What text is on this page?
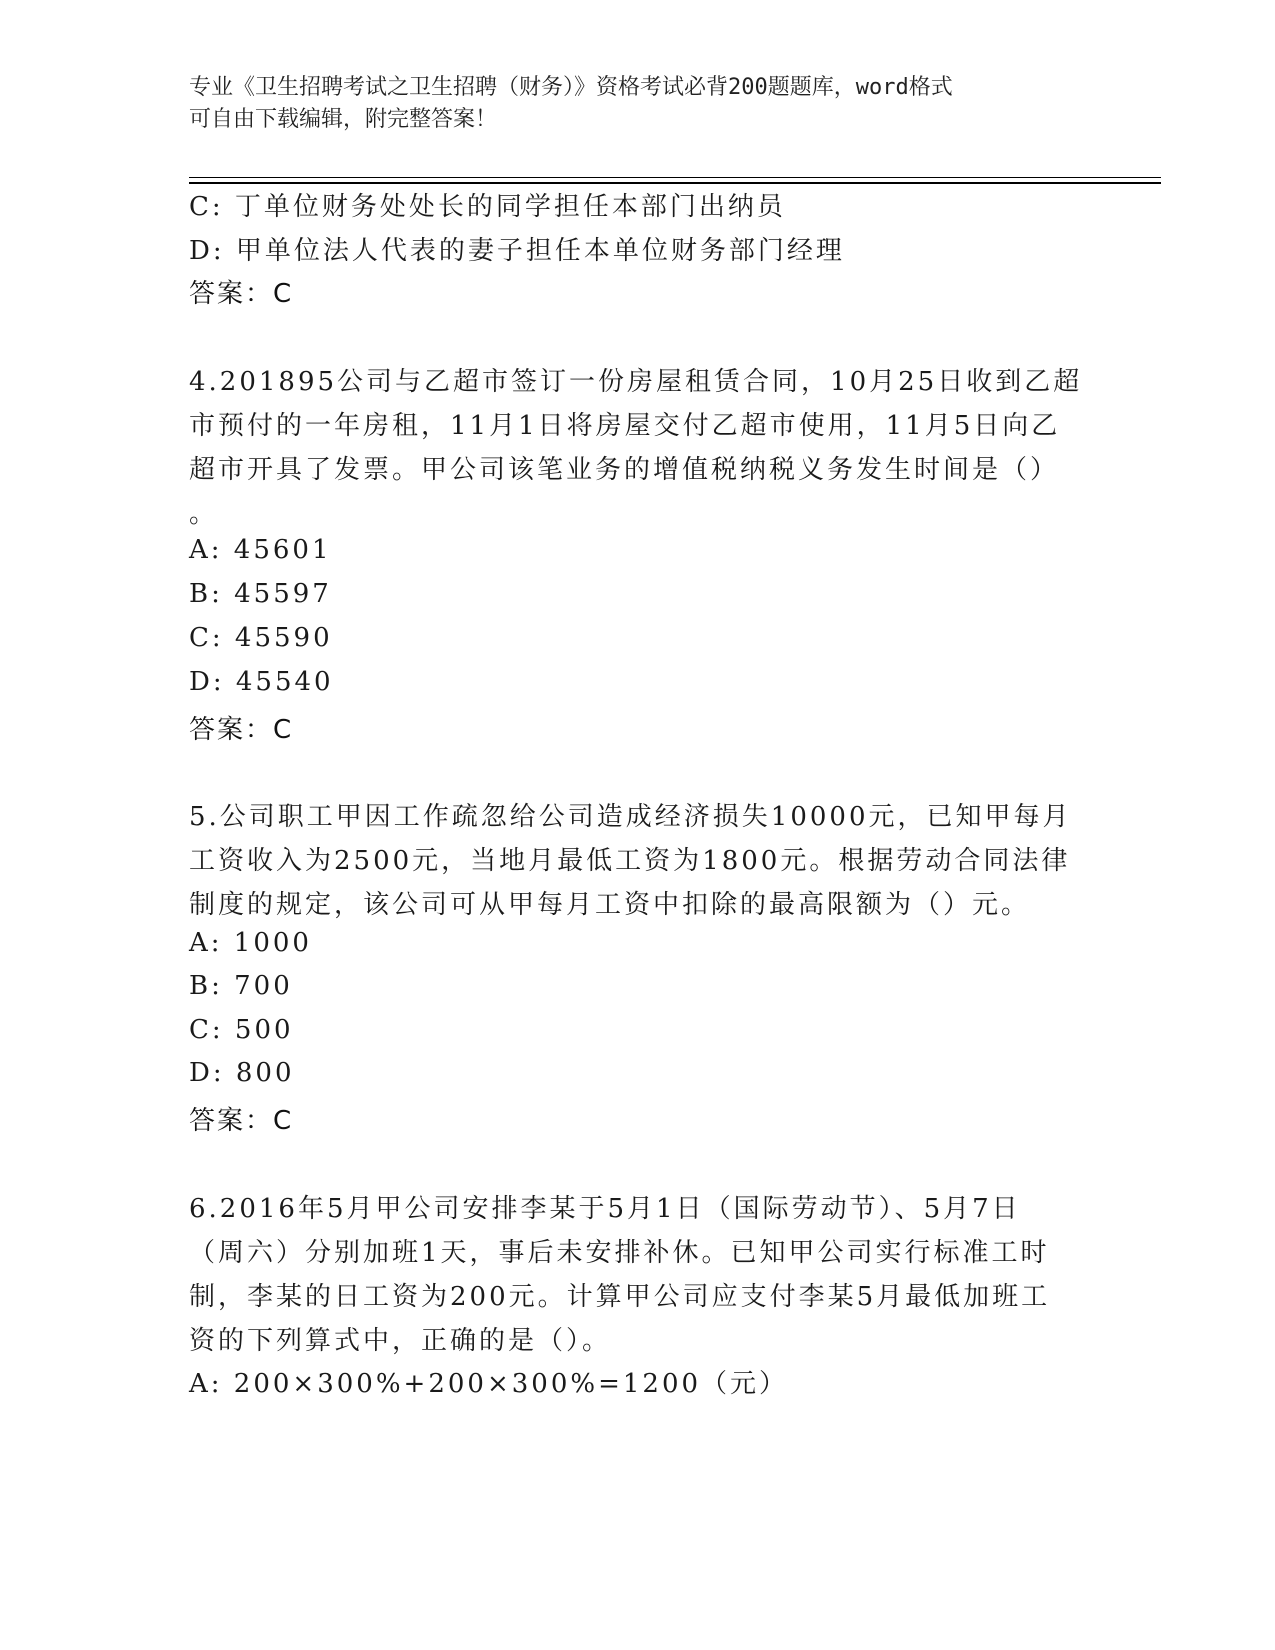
专业《卫生招聘考试之卫生招聘（财务）》资格考试必背200题题库，word格式
可自由下载编辑，附完整答案！
C: 丁单位财务处处长的同学担任本部门出纳员
D: 甲单位法人代表的妻子担任本单位财务部门经理
答案：C
4.201895公司与乙超市签订一份房屋租赁合同，10月25日收到乙超
市预付的一年房租，11月1日将房屋交付乙超市使用，11月5日向乙
超市开具了发票。甲公司该笔业务的增值税纳税义务发生时间是（）
。
A: 45601
B: 45597
C: 45590
D: 45540
答案：C
5.公司职工甲因工作疏忽给公司造成经济损失10000元，已知甲每月
工资收入为2500元，当地月最低工资为1800元。根据劳动合同法律
制度的规定，该公司可从甲每月工资中扣除的最高限额为（）元。
A: 1000
B: 700
C: 500
D: 800
答案：C
6.2016年5月甲公司安排李某于5月1日（国际劳动节）、5月7日
（周六）分别加班1天，事后未安排补休。已知甲公司实行标准工时
制，李某的日工资为200元。计算甲公司应支付李某5月最低加班工
资的下列算式中，正确的是（）。
A: 200×300%+200×300%=1200（元）
